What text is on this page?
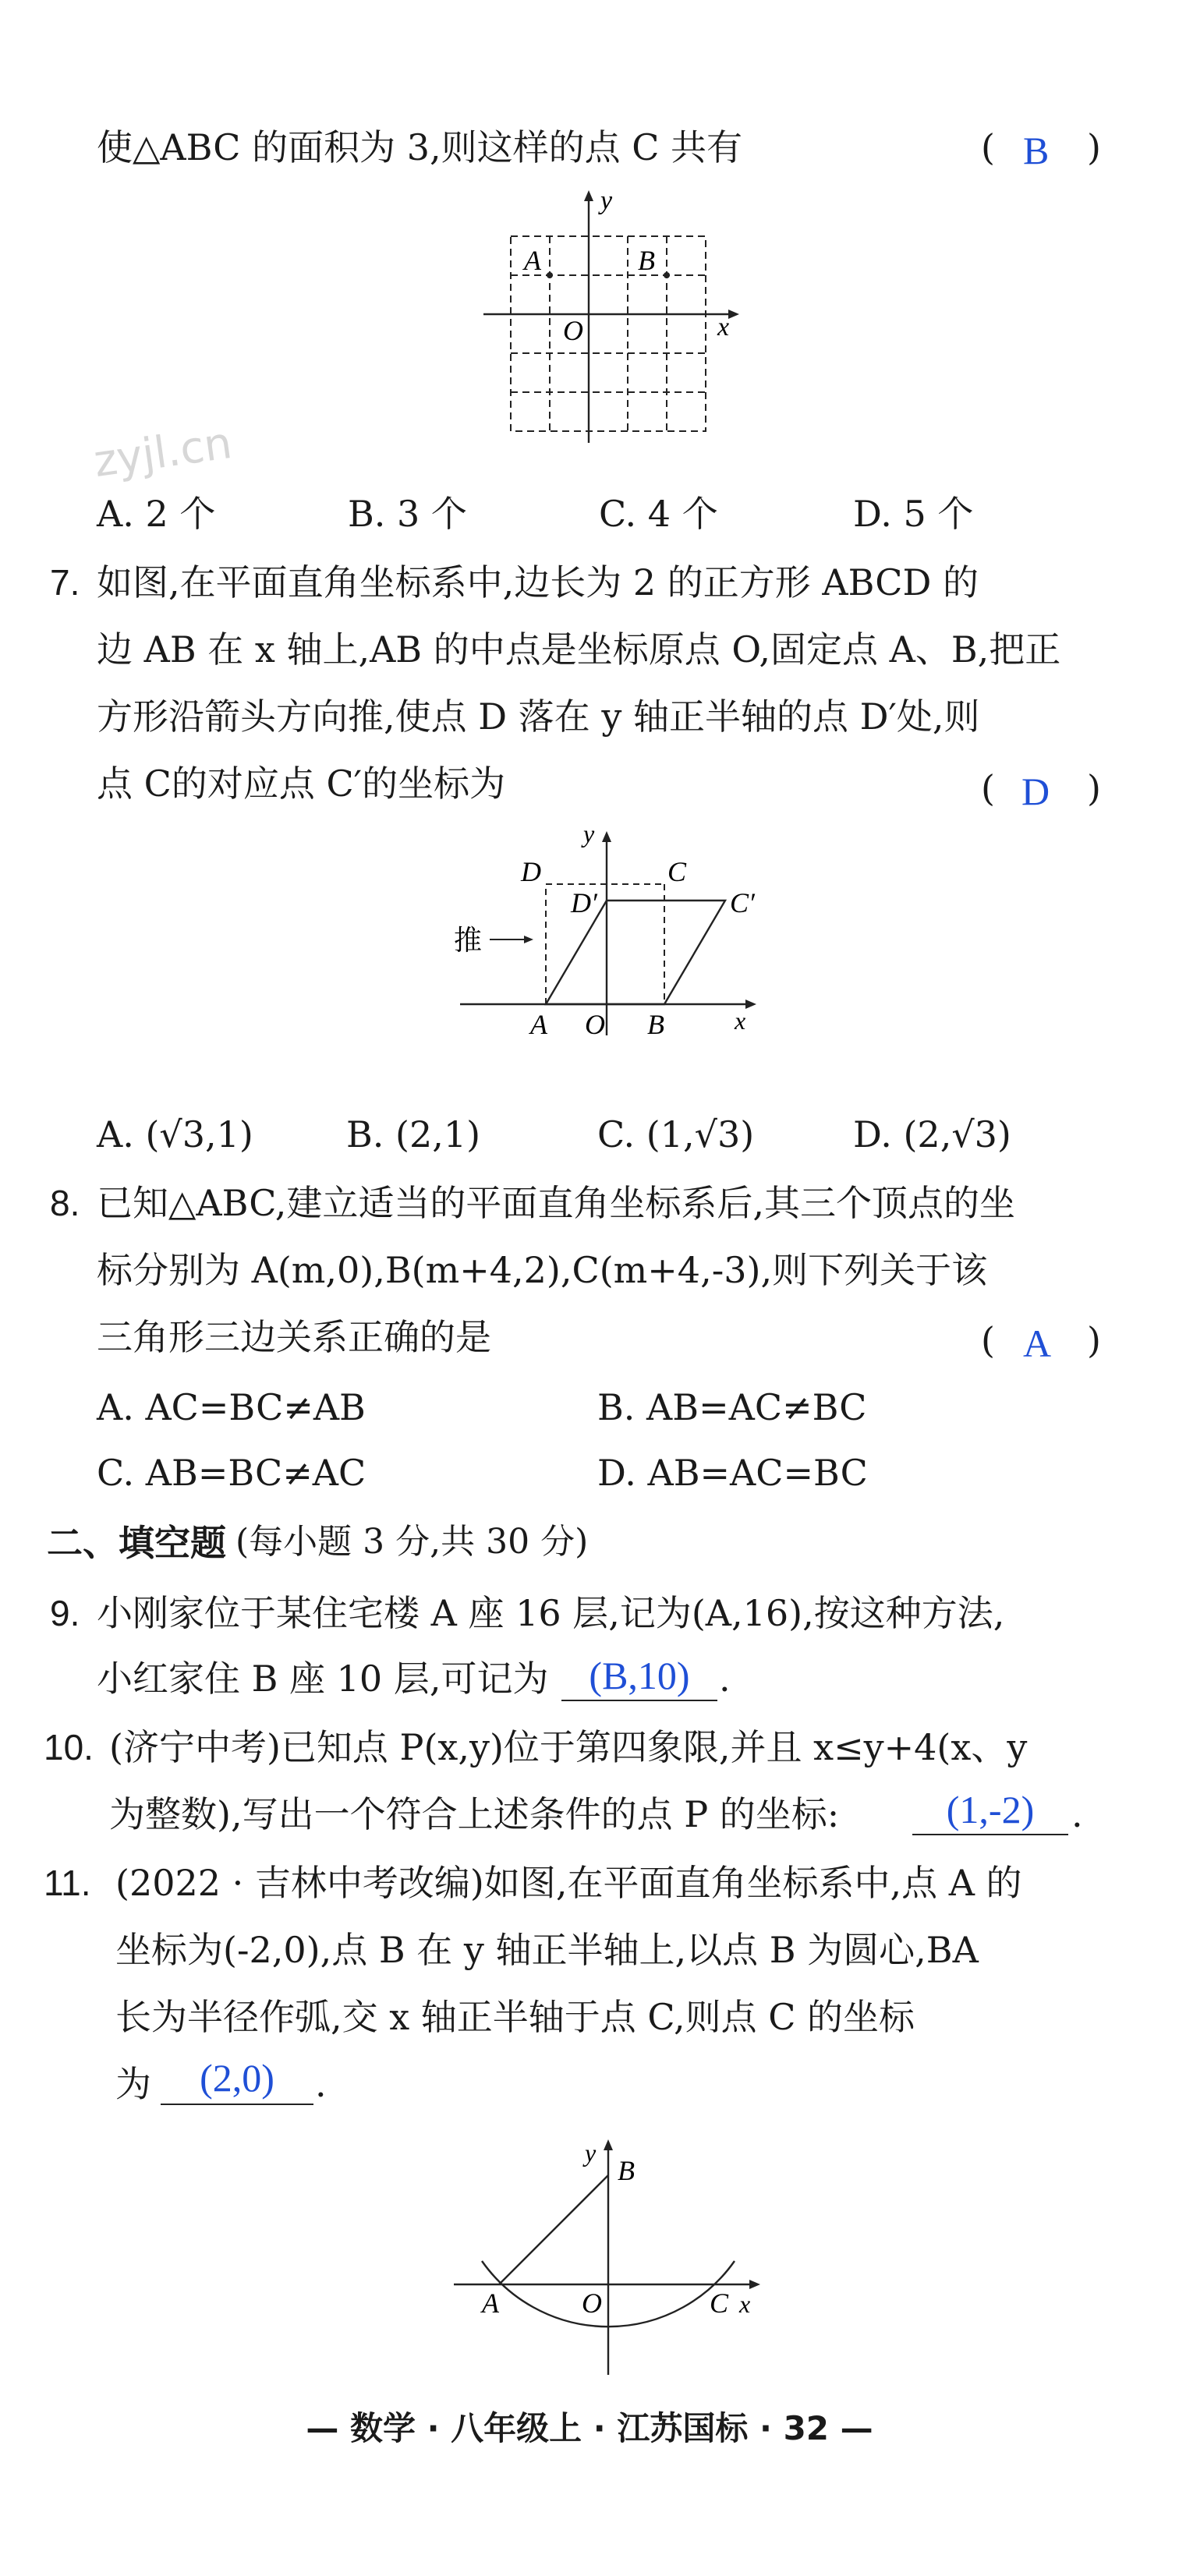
使△ABC 的面积为 3,则这样的点 C 共有	( B )
y
x
A	B
O
zyjl.cn
A. 2 个	B. 3 个	C. 4 个	D. 5 个
7. 如图,在平面直角坐标系中,边长为 2 的正方形 ABCD 的
边 AB 在 x 轴上,AB 的中点是坐标原点 O,固定点 A、B,把正
方形沿箭头方向推,使点 D 落在 y 轴正半轴的点 D′处,则
点 C的对应点 C′的坐标为	( D )
推
y
x
D	C
D′	C′
A O B
A. (√3,1)	B. (2,1)	C. (1,√3)	D. (2,√3)
8. 已知△ABC,建立适当的平面直角坐标系后,其三个顶点的坐
标分别为 A(m,0),B(m+4,2),C(m+4,-3),则下列关于该
三角形三边关系正确的是	( A )
A. AC=BC≠AB	B. AB=AC≠BC
C. AB=BC≠AC	D. AB=AC=BC
二、填空题 (每小题 3 分,共 30 分)
9. 小刚家位于某住宅楼 A 座 16 层,记为(A,16),按这种方法,
小红家住 B 座 10 层,可记为	(B,10) .
10. (济宁中考)已知点 P(x,y)位于第四象限,并且 x≤y+4(x、y
为整数),写出一个符合上述条件的点 P 的坐标:	(1,-2)	.
11. (2022 · 吉林中考改编)如图,在平面直角坐标系中,点 A 的
坐标为(-2,0),点 B 在 y 轴正半轴上,以点 B 为圆心,BA
长为半径作弧,交 x 轴正半轴于点 C,则点 C 的坐标
为	(2,0)	.
y
B
A	O	C x
— 数学 · 八年级上 · 江苏国标 · 32 —
